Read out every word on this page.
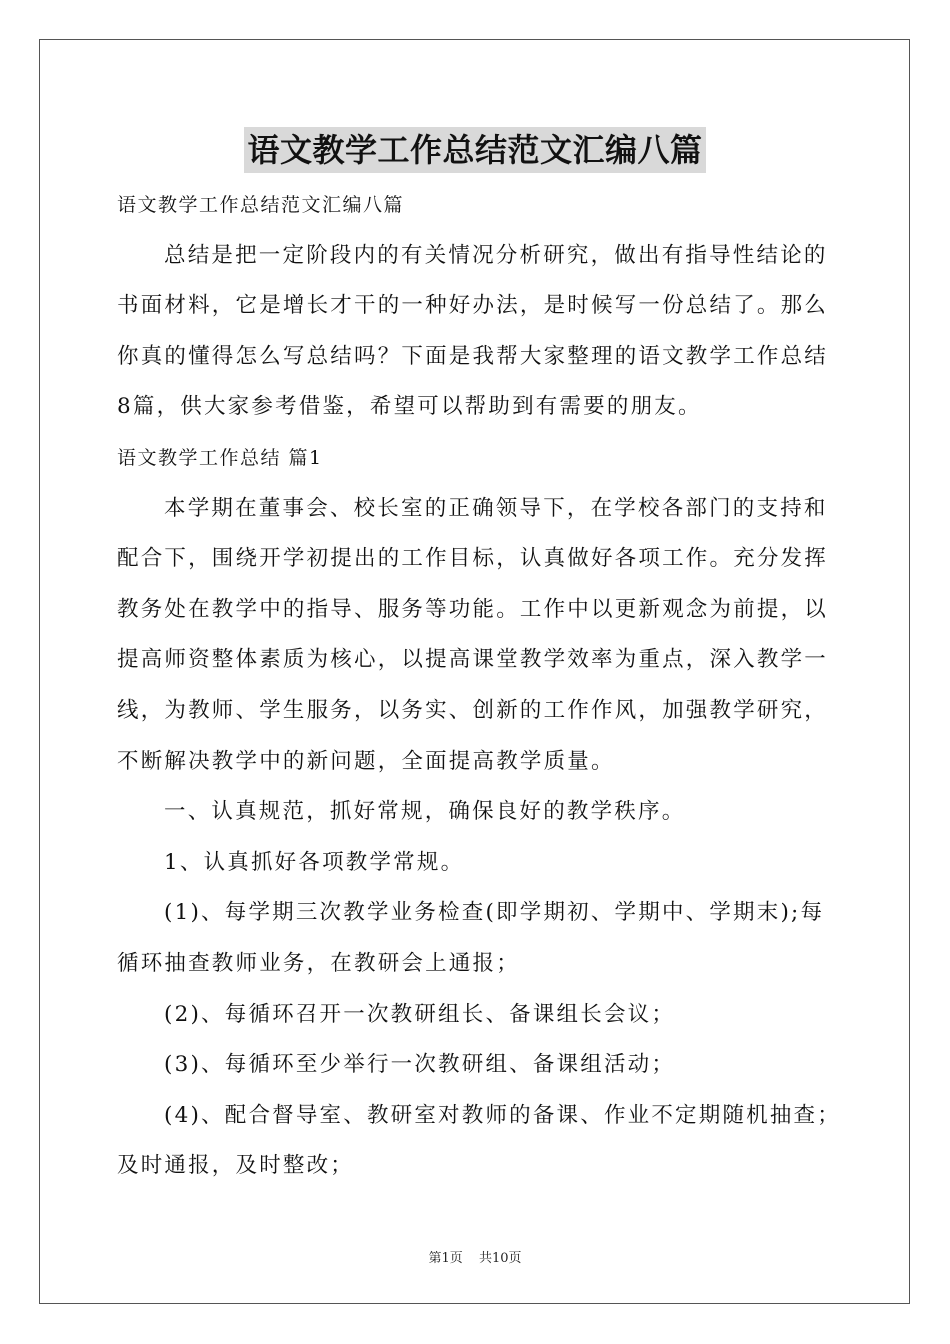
语文教学工作总结范文汇编八篇
语文教学工作总结范文汇编八篇
总结是把一定阶段内的有关情况分析研究，做出有指导性结论的
书面材料，它是增长才干的一种好办法，是时候写一份总结了。那么
你真的懂得怎么写总结吗？下面是我帮大家整理的语文教学工作总结
8篇，供大家参考借鉴，希望可以帮助到有需要的朋友。
语文教学工作总结 篇1
本学期在董事会、校长室的正确领导下，在学校各部门的支持和
配合下，围绕开学初提出的工作目标，认真做好各项工作。充分发挥
教务处在教学中的指导、服务等功能。工作中以更新观念为前提，以
提高师资整体素质为核心，以提高课堂教学效率为重点，深入教学一
线，为教师、学生服务，以务实、创新的工作作风，加强教学研究，
不断解决教学中的新问题，全面提高教学质量。
一、认真规范，抓好常规，确保良好的教学秩序。
1、认真抓好各项教学常规。
(1)、每学期三次教学业务检查(即学期初、学期中、学期末);每
循环抽查教师业务，在教研会上通报；
(2)、每循环召开一次教研组长、备课组长会议；
(3)、每循环至少举行一次教研组、备课组活动；
(4)、配合督导室、教研室对教师的备课、作业不定期随机抽查；
及时通报，及时整改；
第1页 共10页
